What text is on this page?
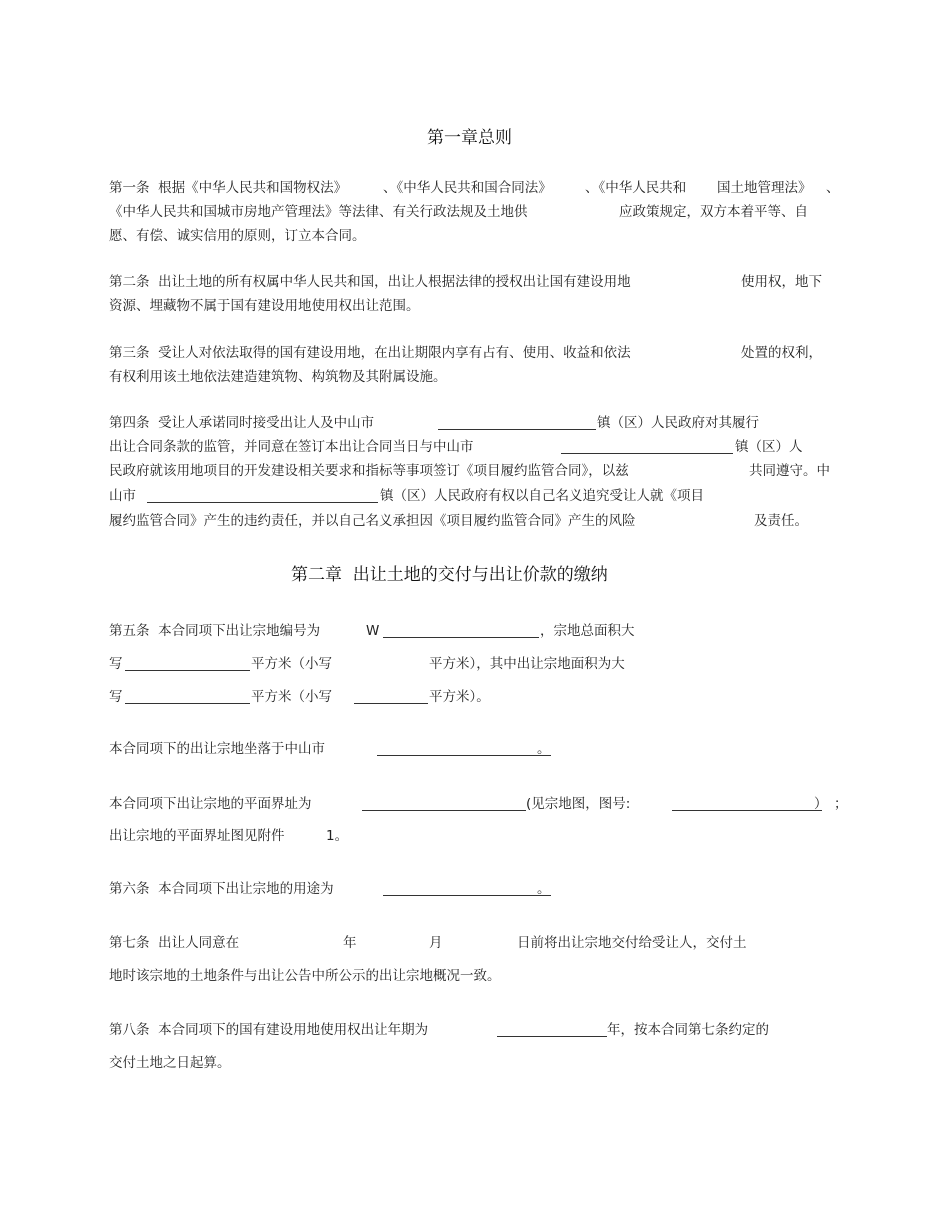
第一章总则
第一条  根据《中华人民共和国物权法》	、《中华人民共和国合同法》 、《中华人民共和 国土地管理法》 、
《中华人民共和国城市房地产管理法》等法律、有关行政法规及土地供	应政策规定，双方本着平等、自
愿、有偿、诚实信用的原则，订立本合同。
第二条  出让土地的所有权属中华人民共和国，出让人根据法律的授权出让国有建设用地	使用权，地下
资源、埋藏物不属于国有建设用地使用权出让范围。
第三条  受让人对依法取得的国有建设用地，在出让期限内享有占有、使用、收益和依法	处置的权利，
有权利用该土地依法建造建筑物、构筑物及其附属设施。
第四条  受让人承诺同时接受出让人及中山市	镇（区）人民政府对其履行
出让合同条款的监管，并同意在签订本出让合同当日与中山市	镇（区）人
民政府就该用地项目的开发建设相关要求和指标等事项签订《项目履约监管合同》，以兹	共同遵守。中
山市	镇（区）人民政府有权以自己名义追究受让人就《项目
履约监管合同》产生的违约责任，并以自己名义承担因《项目履约监管合同》产生的风险	及责任。
第二章  出让土地的交付与出让价款的缴纳
第五条  本合同项下出让宗地编号为	W	，宗地总面积大
写	平方米（小写	平方米），其中出让宗地面积为大
写	平方米（小写	平方米）。
本合同项下的出让宗地坐落于中山市	。
本合同项下出让宗地的平面界址为	(见宗地图，图号:	） ；
出让宗地的平面界址图见附件	1。
第六条  本合同项下出让宗地的用途为	。
第七条  出让人同意在	年	月	日前将出让宗地交付给受让人，交付土
地时该宗地的土地条件与出让公告中所公示的出让宗地概况一致。
第八条  本合同项下的国有建设用地使用权出让年期为	年，按本合同第七条约定的
交付土地之日起算。
